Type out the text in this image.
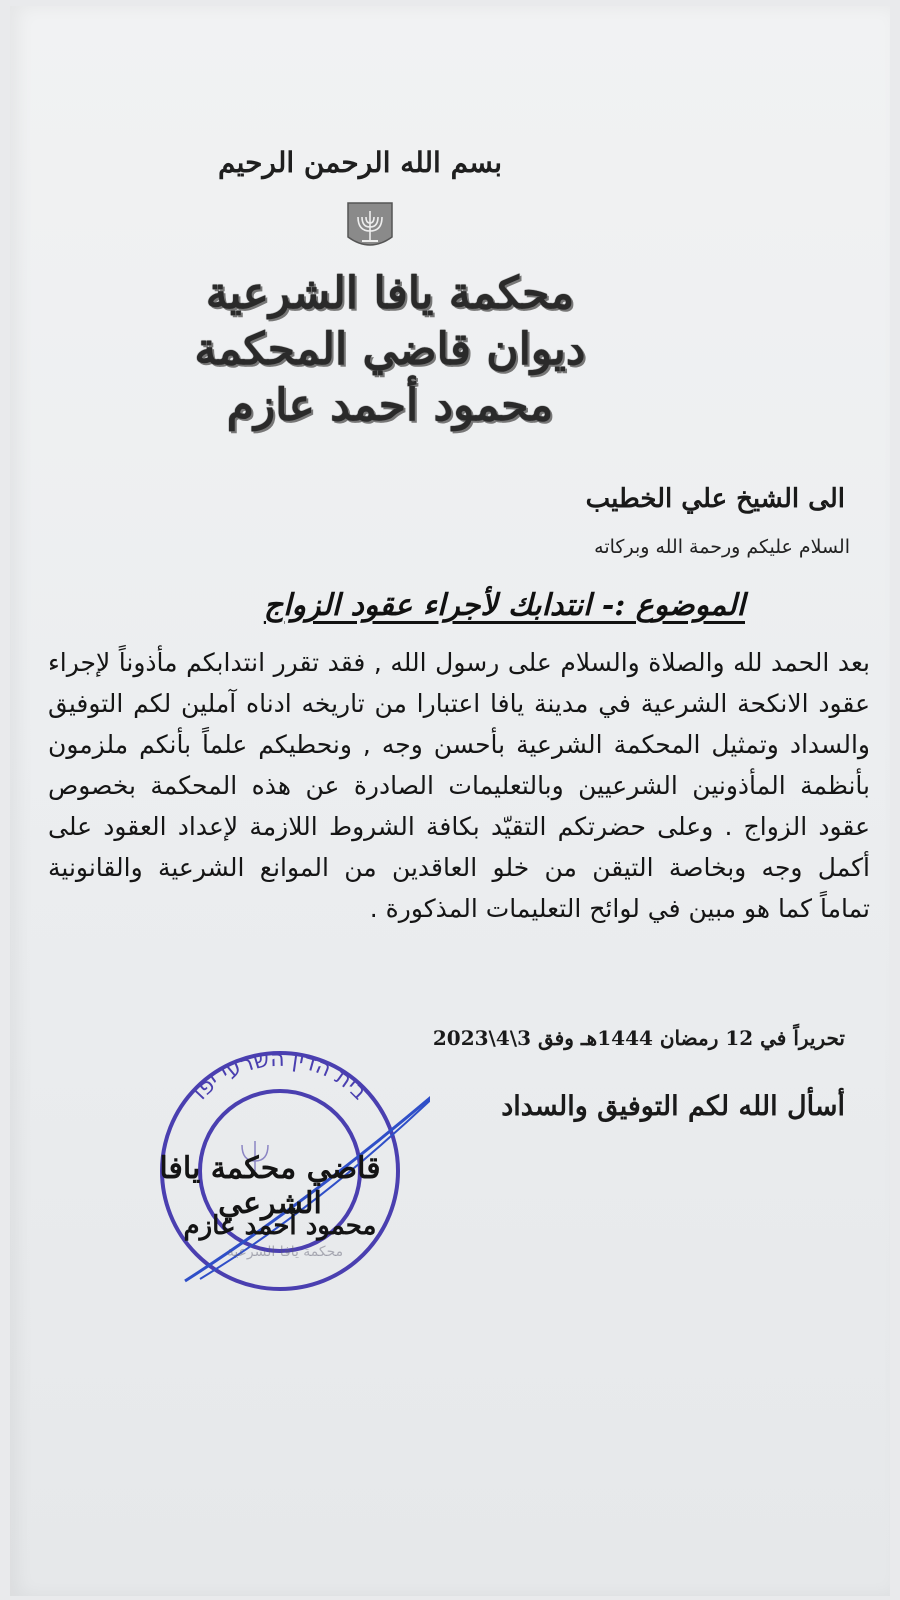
بسم الله الرحمن الرحيم
محكمة يافا الشرعية
ديوان قاضي المحكمة
محمود أحمد عازم
الى الشيخ علي الخطيب
السلام عليكم ورحمة الله وبركاته
الموضوع :- انتدابك لأجراء عقود الزواج
بعد الحمد لله والصلاة والسلام على رسول الله , فقد تقرر انتدابكم مأذوناً لإجراء
عقود الانكحة الشرعية في مدينة يافا اعتبارا من تاريخه ادناه آملين لكم التوفيق
والسداد وتمثيل المحكمة الشرعية بأحسن وجه , ونحطيكم علماً بأنكم ملزمون
بأنظمة المأذونين الشرعيين وبالتعليمات الصادرة عن هذه المحكمة بخصوص
عقود الزواج . وعلى حضرتكم التقيّد بكافة الشروط اللازمة لإعداد العقود على
أكمل وجه وبخاصة التيقن من خلو العاقدين من الموانع الشرعية والقانونية
تماماً كما هو مبين في لوائح التعليمات المذكورة .
تحريراً في 12 رمضان 1444هـ وفق 3\4\2023
أسأل الله لكم التوفيق والسداد
בית הדין השרעי יפו
قاضي محكمة يافا الشرعي
محمود أحمد عازم
محكمة يافا الشرعية
